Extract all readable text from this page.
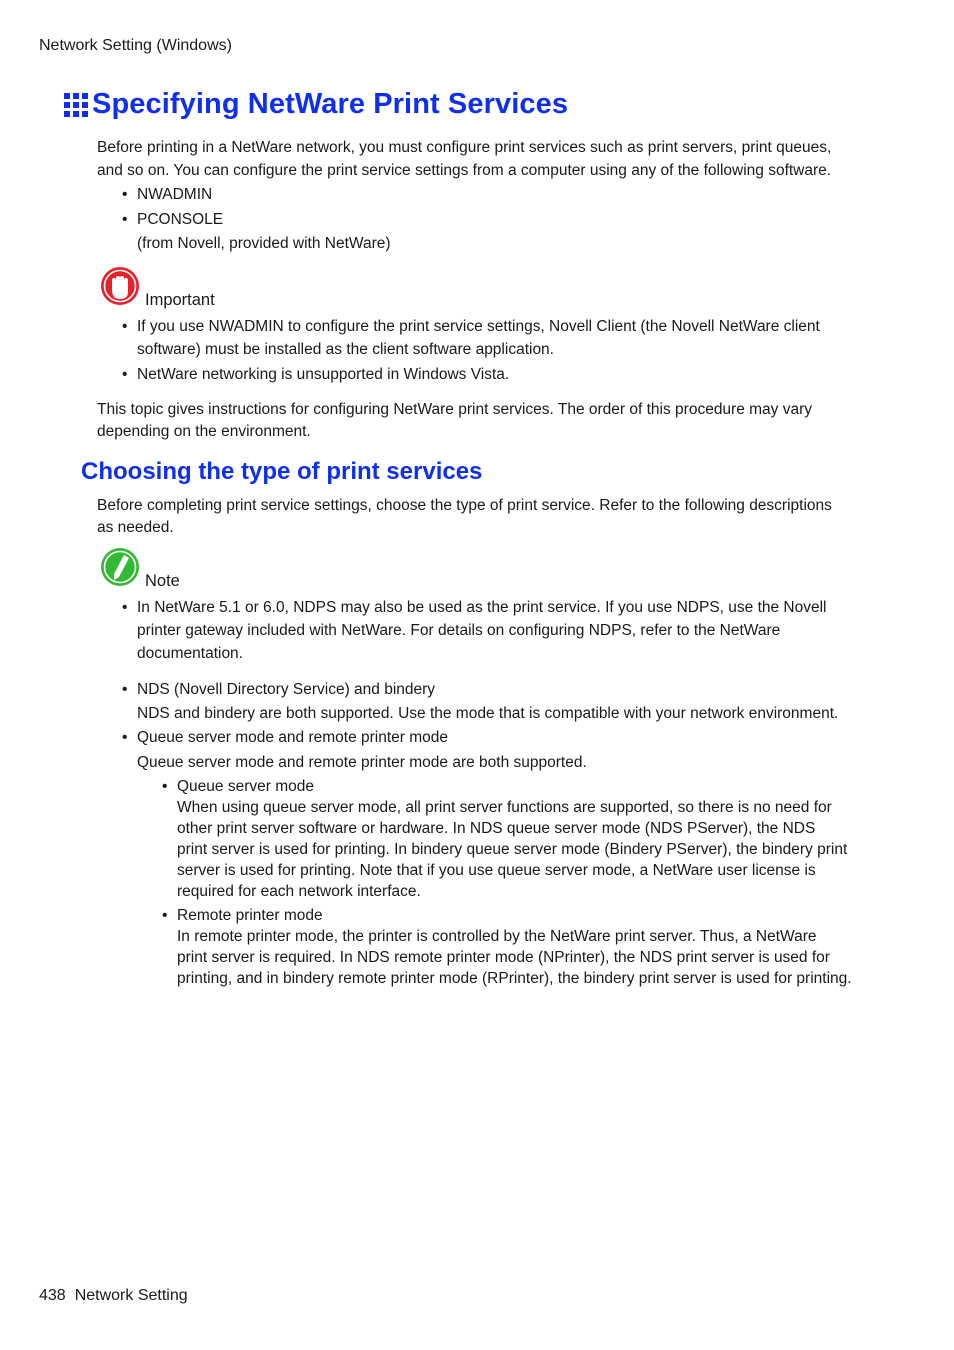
Network Setting (Windows)
Specifying NetWare Print Services

Before printing in a NetWare network, you must configure print services such as print servers, print queues,

and so on. You can configure the print service settings from a computer using any of the following software.

• NWADMIN
• PCONSOLE
(from Novell, provided with NetWare)
Important
• If you use NWADMIN to configure the print service settings, Novell Client (the Novell NetWare client
software) must be installed as the client software application.
• NetWare networking is unsupported in Windows Vista.

This topic gives instructions for configuring NetWare print services. The order of this procedure may vary

depending on the environment.

Choosing the type of print services

Before completing print service settings, choose the type of print service. Refer to the following descriptions

as needed.

Note
• In NetWare 5.1 or 6.0, NDPS may also be used as the print service. If you use NDPS, use the Novell
printer gateway included with NetWare. For details on configuring NDPS, refer to the NetWare
documentation.
• NDS (Novell Directory Service) and bindery
NDS and bindery are both supported. Use the mode that is compatible with your network environment.
• Queue server mode and remote printer mode
Queue server mode and remote printer mode are both supported.
• Queue server mode
When using queue server mode, all print server functions are supported, so there is no need for
other print server software or hardware. In NDS queue server mode (NDS PServer), the NDS
print server is used for printing. In bindery queue server mode (Bindery PServer), the bindery print
server is used for printing. Note that if you use queue server mode, a NetWare user license is
required for each network interface.
• Remote printer mode
In remote printer mode, the printer is controlled by the NetWare print server. Thus, a NetWare
print server is required. In NDS remote printer mode (NPrinter), the NDS print server is used for
printing, and in bindery remote printer mode (RPrinter), the bindery print server is used for printing.
438 Network Setting
